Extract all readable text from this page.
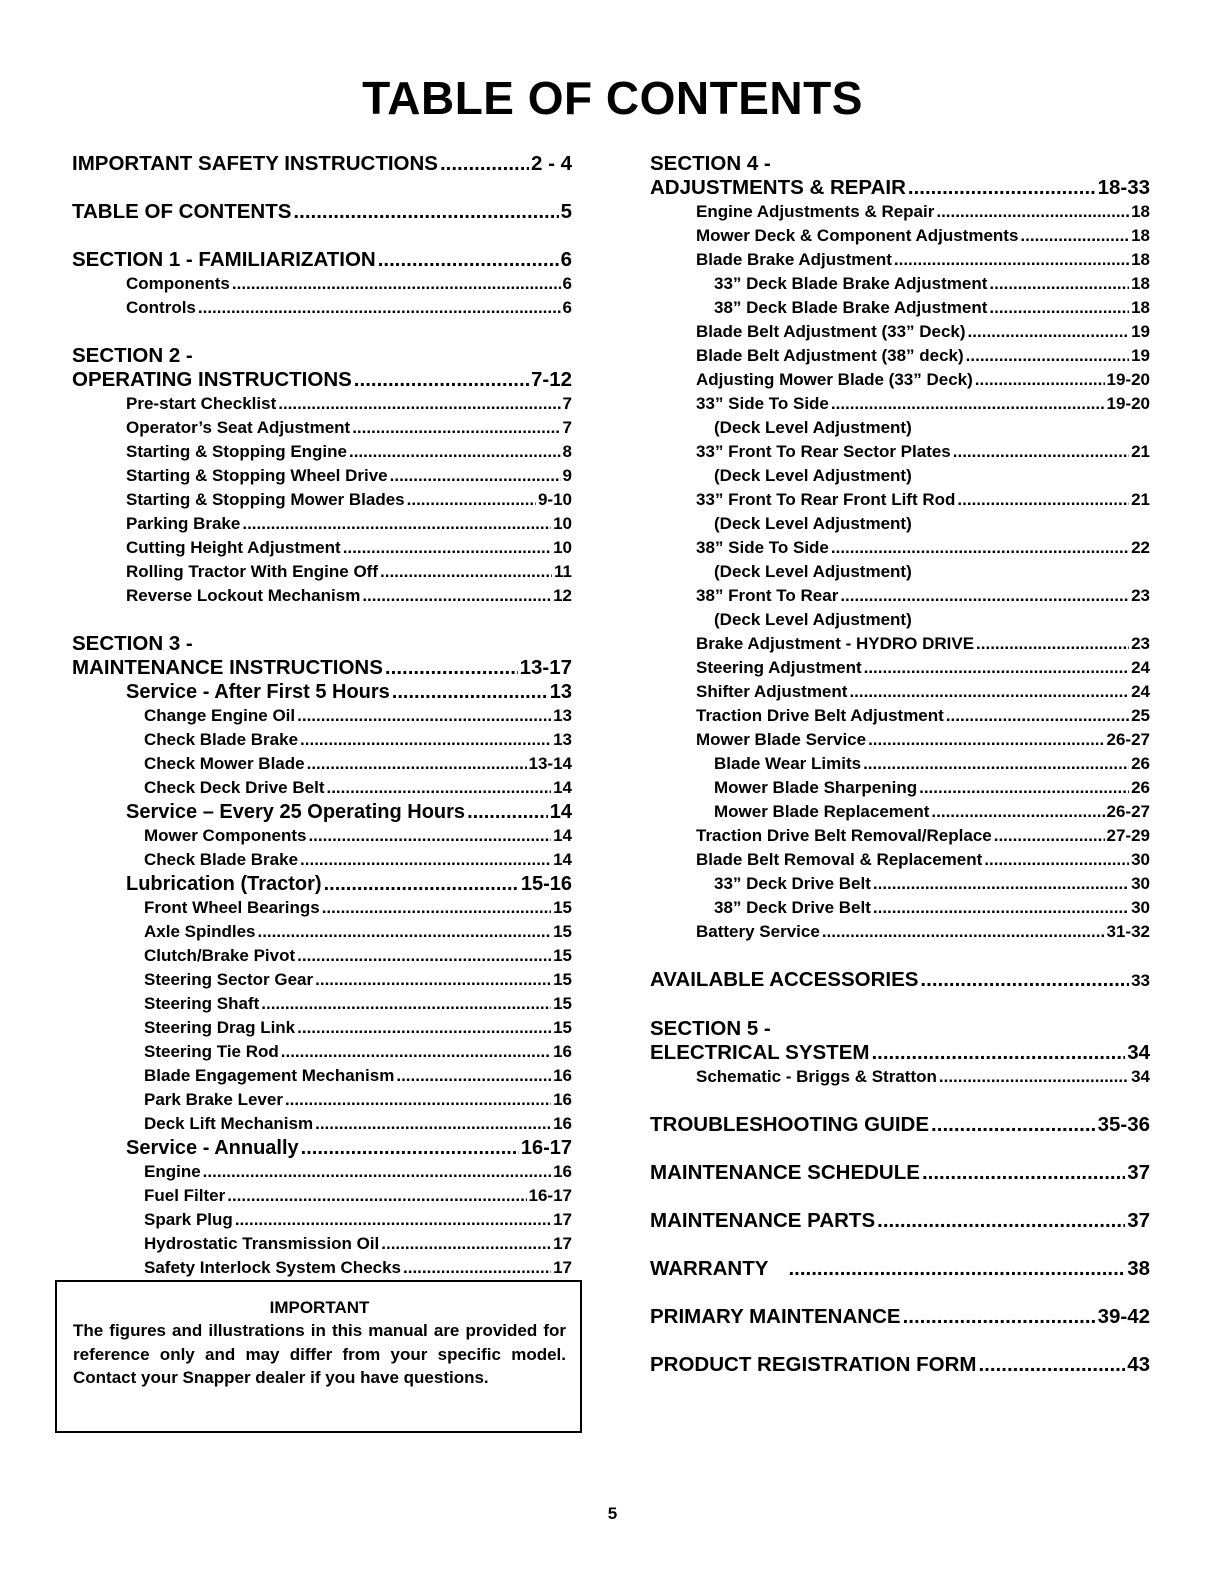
TABLE OF CONTENTS
IMPORTANT SAFETY INSTRUCTIONS .....	2 - 4
TABLE OF CONTENTS .....	5
SECTION 1 - FAMILIARIZATION .....	6
Components .....	6
Controls .....	6
SECTION 2 -
OPERATING INSTRUCTIONS .....	7-12
Pre-start Checklist .....	7
Operator’s Seat Adjustment .....	7
Starting & Stopping Engine .....	8
Starting & Stopping Wheel Drive .....	9
Starting & Stopping Mower Blades .....	9-10
Parking Brake .....	10
Cutting Height Adjustment .....	10
Rolling Tractor With Engine Off .....	11
Reverse Lockout Mechanism .....	12
SECTION 3 -
MAINTENANCE INSTRUCTIONS .....	13-17
Service - After First 5 Hours .....	13
Change Engine Oil .....	13
Check Blade Brake .....	13
Check Mower Blade .....	13-14
Check Deck Drive Belt .....	14
Service – Every 25 Operating Hours .....	14
Mower Components .....	14
Check Blade Brake .....	14
Lubrication (Tractor) .....	15-16
Front Wheel Bearings .....	15
Axle Spindles .....	15
Clutch/Brake Pivot .....	15
Steering Sector Gear .....	15
Steering Shaft .....	15
Steering Drag Link .....	15
Steering Tie Rod .....	16
Blade Engagement Mechanism .....	16
Park Brake Lever .....	16
Deck Lift Mechanism .....	16
Service - Annually .....	16-17
Engine .....	16
Fuel Filter .....	16-17
Spark Plug .....	17
Hydrostatic Transmission Oil .....	17
Safety Interlock System Checks .....	17
IMPORTANT
The figures and illustrations in this manual are provided for reference only and may differ from your specific model. Contact your Snapper dealer if you have questions.
SECTION 4 -
ADJUSTMENTS & REPAIR .....	18-33
Engine Adjustments & Repair .....	18
Mower Deck & Component Adjustments .....	18
Blade Brake Adjustment .....	18
33” Deck Blade Brake Adjustment .....	18
38” Deck Blade Brake Adjustment .....	18
Blade Belt Adjustment (33” Deck) .....	19
Blade Belt Adjustment (38” deck) .....	19
Adjusting Mower Blade (33” Deck) .....	19-20
33” Side To Side .....	19-20
(Deck Level Adjustment)
33” Front To Rear Sector Plates .....	21
(Deck Level Adjustment)
33” Front To Rear Front Lift Rod .....	21
(Deck Level Adjustment)
38” Side To Side .....	22
(Deck Level Adjustment)
38” Front To Rear .....	23
(Deck Level Adjustment)
Brake Adjustment - HYDRO DRIVE .....	23
Steering Adjustment .....	24
Shifter Adjustment .....	24
Traction Drive Belt Adjustment .....	25
Mower Blade Service .....	26-27
Blade Wear Limits .....	26
Mower Blade Sharpening .....	26
Mower Blade Replacement .....	26-27
Traction Drive Belt Removal/Replace .....	27-29
Blade Belt Removal & Replacement .....	30
33” Deck Drive Belt .....	30
38” Deck Drive Belt .....	30
Battery Service .....	31-32
AVAILABLE ACCESSORIES .....	33
SECTION 5 -
ELECTRICAL SYSTEM .....	34
Schematic - Briggs & Stratton .....	34
TROUBLESHOOTING GUIDE .....	35-36
MAINTENANCE SCHEDULE .....	37
MAINTENANCE PARTS .....	37
WARRANTY .....	38
PRIMARY MAINTENANCE .....	39-42
PRODUCT REGISTRATION FORM .....	43
5
